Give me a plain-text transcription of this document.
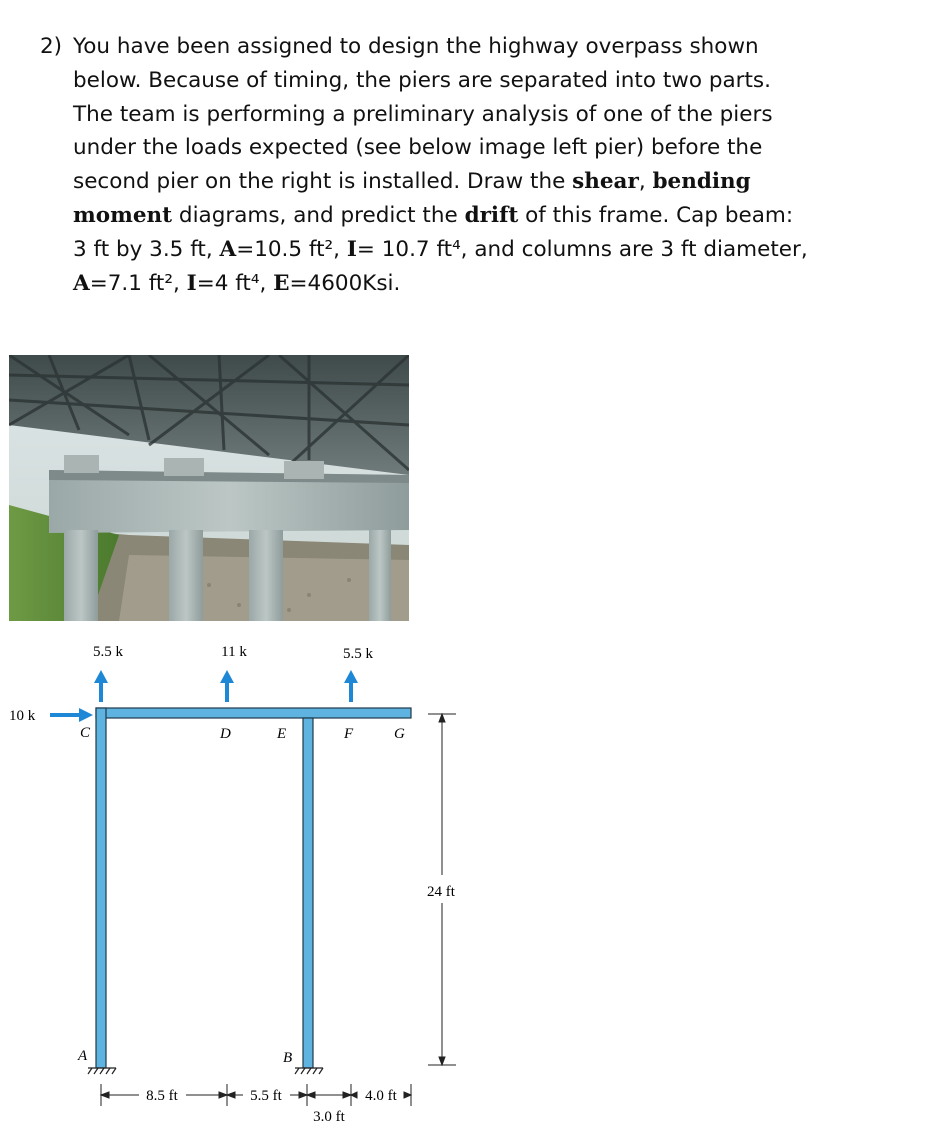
2) You have been assigned to design the highway overpass shown
below. Because of timing, the piers are separated into two parts.
The team is performing a preliminary analysis of one of the piers
under the loads expected (see below image left pier) before the
second pier on the right is installed. Draw the shear, bending
moment diagrams, and predict the drift of this frame. Cap beam:
3 ft by 3.5 ft, A=10.5 ft², I= 10.7 ft⁴, and columns are 3 ft diameter,
A=7.1 ft², I=4 ft⁴, E=4600Ksi.
5.5 k	11 k	5.5 k
10 k
C	D	E	F	G
A	B
24 ft
8.5 ft	5.5 ft	4.0 ft
3.0 ft
